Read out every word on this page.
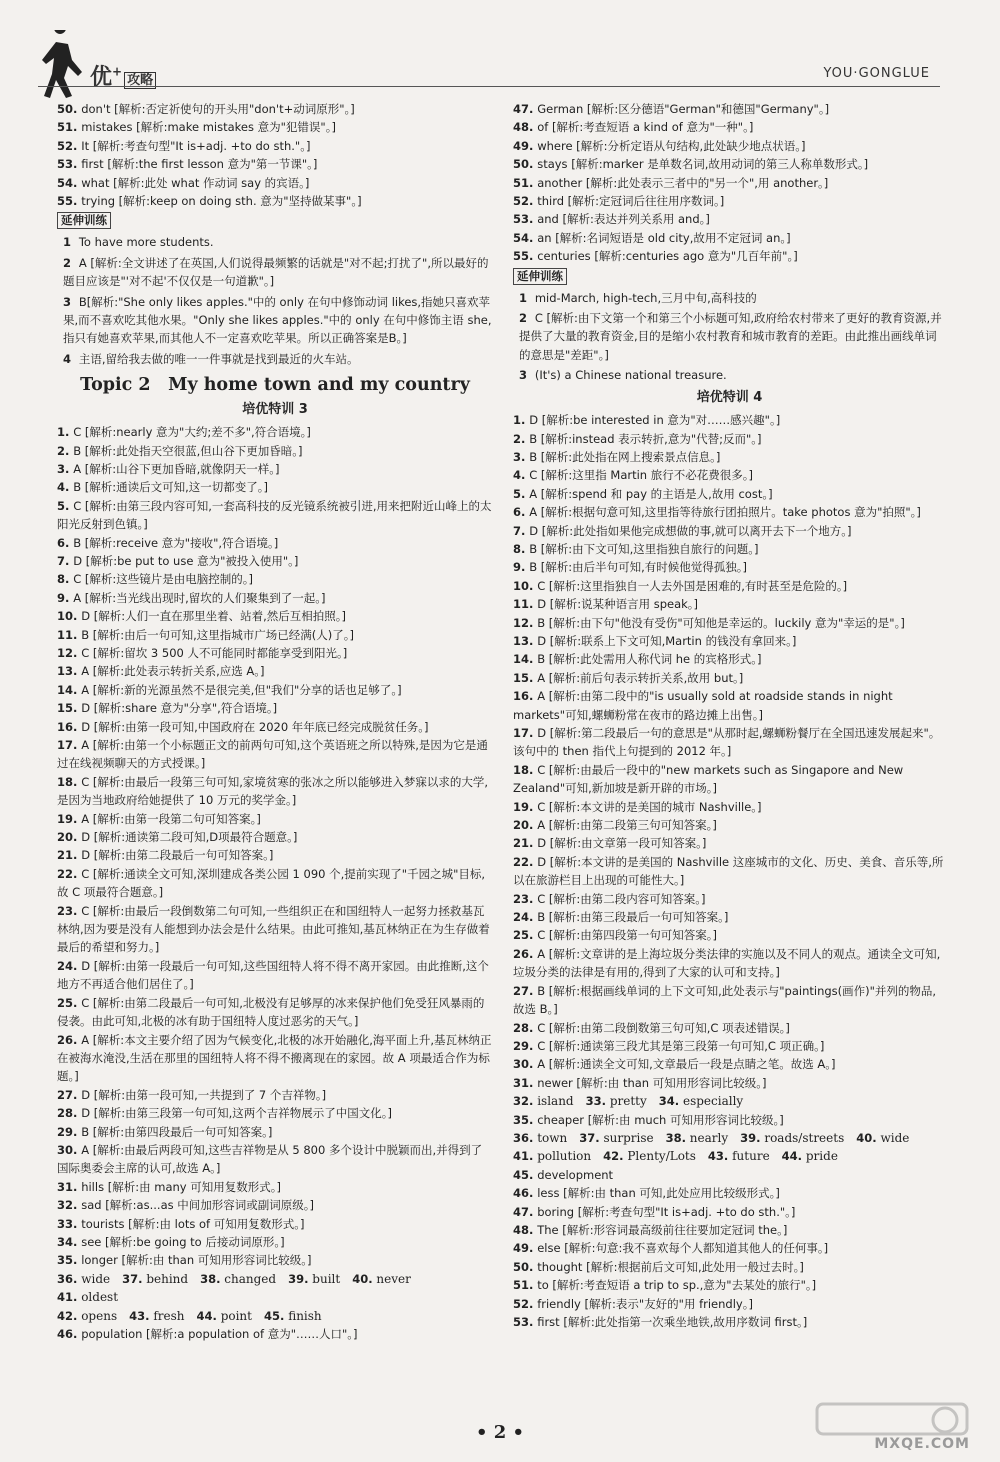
优+攻略	YOU·GONGLUE
50. don't [解析:否定祈使句的开头用"don't+动词原形"。]
51. mistakes [解析:make mistakes 意为"犯错误"。]
52. It [解析:考查句型"It is+adj. +to do sth."。]
53. first [解析:the first lesson 意为"第一节课"。]
54. what [解析:此处 what 作动词 say 的宾语。]
55. trying [解析:keep on doing sth. 意为"坚持做某事"。]
延伸训练
1 To have more students.
2 A [解析:全文讲述了在英国,人们说得最频繁的话就是"对不起;打扰了",所以最好的题目应该是"'对不起'不仅仅是一句道歉"。]
3 B[解析:"She only likes apples."中的 only 在句中修饰动词 likes,指她只喜欢苹果,而不喜欢吃其他水果。"Only she likes apples."中的 only 在句中修饰主语 she,指只有她喜欢苹果,而其他人不一定喜欢吃苹果。所以正确答案是B。]
4 主语,留给我去做的唯一一件事就是找到最近的火车站。
Topic 2　My home town and my country
培优特训 3
1. C [解析:nearly 意为"大约;差不多",符合语境。]
2. B [解析:此处指天空很蓝,但山谷下更加昏暗。]
3. A [解析:山谷下更加昏暗,就像阴天一样。]
4. B [解析:通读后文可知,这一切都变了。]
5. C [解析:由第三段内容可知,一套高科技的反光镜系统被引进,用来把附近山峰上的太阳光反射到色镇。]
6. B [解析:receive 意为"接收",符合语境。]
7. D [解析:be put to use 意为"被投入使用"。]
8. C [解析:这些镜片是由电脑控制的。]
9. A [解析:当光线出现时,留坎的人们聚集到了一起。]
10. D [解析:人们一直在那里坐着、站着,然后互相拍照。]
11. B [解析:由后一句可知,这里指城市广场已经满(人)了。]
12. C [解析:留坎 3 500 人不可能同时都能享受到阳光。]
13. A [解析:此处表示转折关系,应选 A。]
14. A [解析:新的光源虽然不是很完美,但"我们"分享的话也足够了。]
15. D [解析:share 意为"分享",符合语境。]
16. D [解析:由第一段可知,中国政府在 2020 年年底已经完成脱贫任务。]
17. A [解析:由第一个小标题正文的前两句可知,这个英语班之所以特殊,是因为它是通过在线视频聊天的方式授课。]
18. C [解析:由最后一段第三句可知,家境贫寒的张冰之所以能够进入梦寐以求的大学,是因为当地政府给她提供了 10 万元的奖学金。]
19. A [解析:由第一段第二句可知答案。]
20. D [解析:通读第二段可知,D项最符合题意。]
21. D [解析:由第二段最后一句可知答案。]
22. C [解析:通读全文可知,深圳建成各类公园 1 090 个,提前实现了"千园之城"目标,故 C 项最符合题意。]
23. C [解析:由最后一段倒数第二句可知,一些组织正在和国纽特人一起努力拯救基瓦林纳,因为要是没有人能想到办法会是什么结果。由此可推知,基瓦林纳正在为生存做着最后的希望和努力。]
24. D [解析:由第一段最后一句可知,这些国纽特人将不得不离开家园。由此推断,这个地方不再适合他们居住了。]
25. C [解析:由第二段最后一句可知,北极没有足够厚的冰来保护他们免受狂风暴雨的侵袭。由此可知,北极的冰有助于国纽特人度过恶劣的天气。]
26. A [解析:本文主要介绍了因为气候变化,北极的冰开始融化,海平面上升,基瓦林纳正在被海水淹没,生活在那里的国纽特人将不得不搬离现在的家园。故 A 项最适合作为标题。]
27. D [解析:由第一段可知,一共提到了 7 个吉祥物。]
28. D [解析:由第三段第一句可知,这两个吉祥物展示了中国文化。]
29. B [解析:由第四段最后一句可知答案。]
30. A [解析:由最后两段可知,这些吉祥物是从 5 800 多个设计中脱颖而出,并得到了国际奥委会主席的认可,故选 A。]
31. hills [解析:由 many 可知用复数形式。]
32. sad [解析:as...as 中间加形容词或副词原级。]
33. tourists [解析:由 lots of 可知用复数形式。]
34. see [解析:be going to 后接动词原形。]
35. longer [解析:由 than 可知用形容词比较级。]
36. wide 37. behind 38. changed 39. built 40. never41. oldest
42. opens 43. fresh 44. point 45. finish
46. population [解析:a population of 意为"……人口"。]
47. German [解析:区分德语"German"和德国"Germany"。]
48. of [解析:考查短语 a kind of 意为"一种"。]
49. where [解析:分析定语从句结构,此处缺少地点状语。]
50. stays [解析:marker 是单数名词,故用动词的第三人称单数形式。]
51. another [解析:此处表示三者中的"另一个",用 another。]
52. third [解析:定冠词后往往用序数词。]
53. and [解析:表达并列关系用 and。]
54. an [解析:名词短语是 old city,故用不定冠词 an。]
55. centuries [解析:centuries ago 意为"几百年前"。]
延伸训练
1 mid-March, high-tech,三月中旬,高科技的
2 C [解析:由下文第一个和第三个小标题可知,政府给农村带来了更好的教育资源,并提供了大量的教育资金,目的是缩小农村教育和城市教育的差距。由此推出画线单词的意思是"差距"。]
3 (It's) a Chinese national treasure.
培优特训 4
1. D [解析:be interested in 意为"对……感兴趣"。]
2. B [解析:instead 表示转折,意为"代替;反而"。]
3. B [解析:此处指在网上搜索景点信息。]
4. C [解析:这里指 Martin 旅行不必花费很多。]
5. A [解析:spend 和 pay 的主语是人,故用 cost。]
6. A [解析:根据句意可知,这里指等待旅行团拍照片。take photos 意为"拍照"。]
7. D [解析:此处指如果他完成想做的事,就可以离开去下一个地方。]
8. B [解析:由下文可知,这里指独自旅行的问题。]
9. B [解析:由后半句可知,有时候他觉得孤独。]
10. C [解析:这里指独自一人去外国是困难的,有时甚至是危险的。]
11. D [解析:说某种语言用 speak。]
12. B [解析:由下句"他没有受伤"可知他是幸运的。luckily 意为"幸运的是"。]
13. D [解析:联系上下文可知,Martin 的钱没有拿回来。]
14. B [解析:此处需用人称代词 he 的宾格形式。]
15. A [解析:前后句表示转折关系,故用 but。]
16. A [解析:由第二段中的"is usually sold at roadside stands in night markets"可知,螺蛳粉常在夜市的路边摊上出售。]
17. D [解析:第二段最后一句的意思是"从那时起,螺蛳粉餐厅在全国迅速发展起来"。该句中的 then 指代上句提到的 2012 年。]
18. C [解析:由最后一段中的"new markets such as Singapore and New Zealand"可知,新加坡是新开辟的市场。]
19. C [解析:本文讲的是美国的城市 Nashville。]
20. A [解析:由第二段第三句可知答案。]
21. D [解析:由文章第一段可知答案。]
22. D [解析:本文讲的是美国的 Nashville 这座城市的文化、历史、美食、音乐等,所以在旅游栏目上出现的可能性大。]
23. C [解析:由第二段内容可知答案。]
24. B [解析:由第三段最后一句可知答案。]
25. C [解析:由第四段第一句可知答案。]
26. A [解析:文章讲的是上海垃圾分类法律的实施以及不同人的观点。通读全文可知,垃圾分类的法律是有用的,得到了大家的认可和支持。]
27. B [解析:根据画线单词的上下文可知,此处表示与"paintings(画作)"并列的物品,故选 B。]
28. C [解析:由第二段倒数第三句可知,C 项表述错误。]
29. C [解析:通读第三段尤其是第三段第一句可知,C 项正确。]
30. A [解析:通读全文可知,文章最后一段是点睛之笔。故选 A。]
31. newer [解析:由 than 可知用形容词比较级。]
32. island 33. pretty 34. especially
35. cheaper [解析:由 much 可知用形容词比较级。]
36. town 37. surprise 38. nearly 39. roads/streets 40. wide
41. pollution 42. Plenty/Lots 43. future 44. pride
45. development
46. less [解析:由 than 可知,此处应用比较级形式。]
47. boring [解析:考查句型"It is+adj. +to do sth."。]
48. The [解析:形容词最高级前往往要加定冠词 the。]
49. else [解析:句意:我不喜欢每个人都知道其他人的任何事。]
50. thought [解析:根据前后文可知,此处用一般过去时。]
51. to [解析:考查短语 a trip to sp.,意为"去某处的旅行"。]
52. friendly [解析:表示"友好的"用 friendly。]
53. first [解析:此处指第一次乘坐地铁,故用序数词 first。]
MXQE.COM
• 2 •
